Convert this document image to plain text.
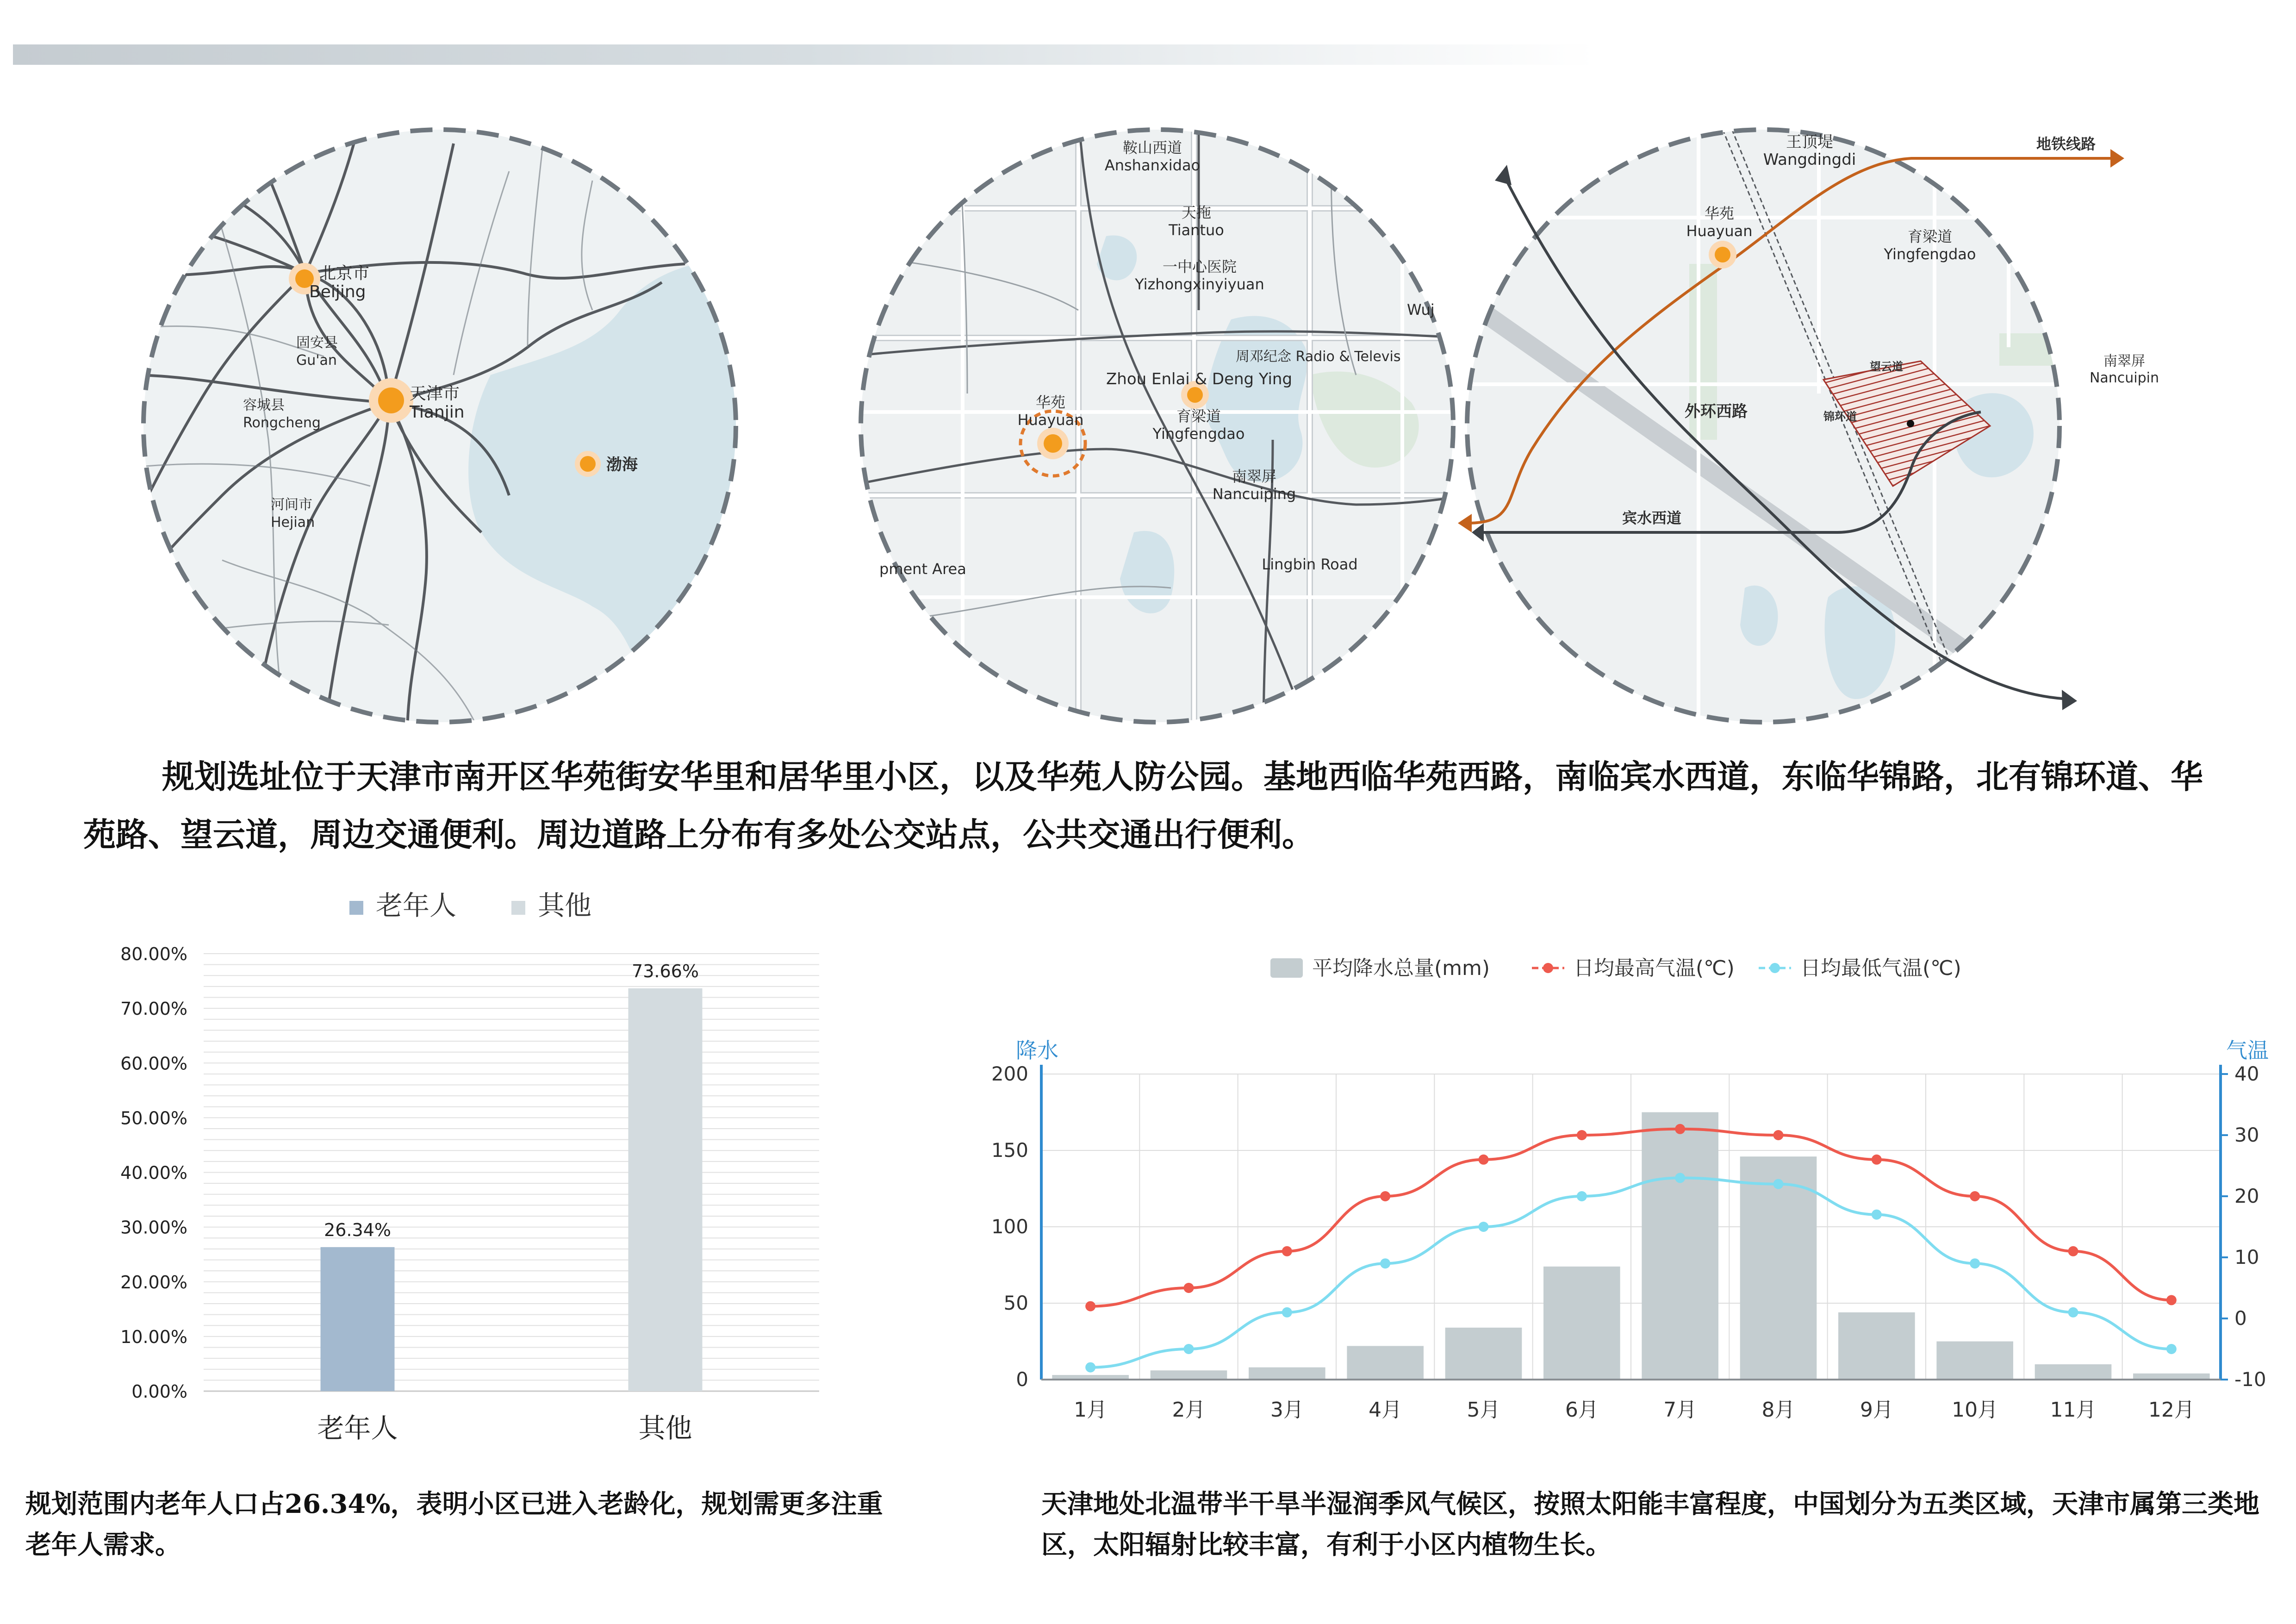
北京市
Beijing
固安县
Gu'an
天津市
Tianjin
容城县
Rongcheng
河间市
Hejian
渤海
鞍山西道
Anshanxidao
天拖
Tiantuo
一中心医院
Yizhongxinyiyuan
Wuj
周邓纪念 Radio & Televis
Zhou Enlai & Deng Ying
华苑
Huayuan	育梁道
Yingfengdao
南翠屏
Nancuiping
Lingbin Road
pment Area
王顶堤
Wangdingdi
地铁线路
华苑
Huayuan	育梁道
Yingfengdao
南翠屏
Nancuipin
望云道
外环西路	锦环道
宾水西道
规划选址位于天津市南开区华苑街安华里和居华里小区，以及华苑人防公园。基地西临华苑西路，南临宾水西道，东临华锦路，北有锦环道、华苑路、望云道，周边交通便利。周边道路上分布有多处公交站点，公共交通出行便利。
老年人	其他
0.00%
10.00%
20.00%
30.00%
40.00%
50.00%
60.00%
70.00%
80.00%
26.34%
73.66%
老年人	其他
平均降水总量(mm)	日均最高气温(℃)	日均最低气温(℃)
降水	气温
0
50
100
150
200
-10
0
10
20
30
40
1月	2月	3月	4月	5月	6月	7月	8月	9月	10月	11月	12月
规划范围内老年人口占26.34%，表明小区已进入老龄化，规划需更多注重老年人需求。
天津地处北温带半干旱半湿润季风气候区，按照太阳能丰富程度，中国划分为五类区域，天津市属第三类地区，太阳辐射比较丰富，有利于小区内植物生长。
